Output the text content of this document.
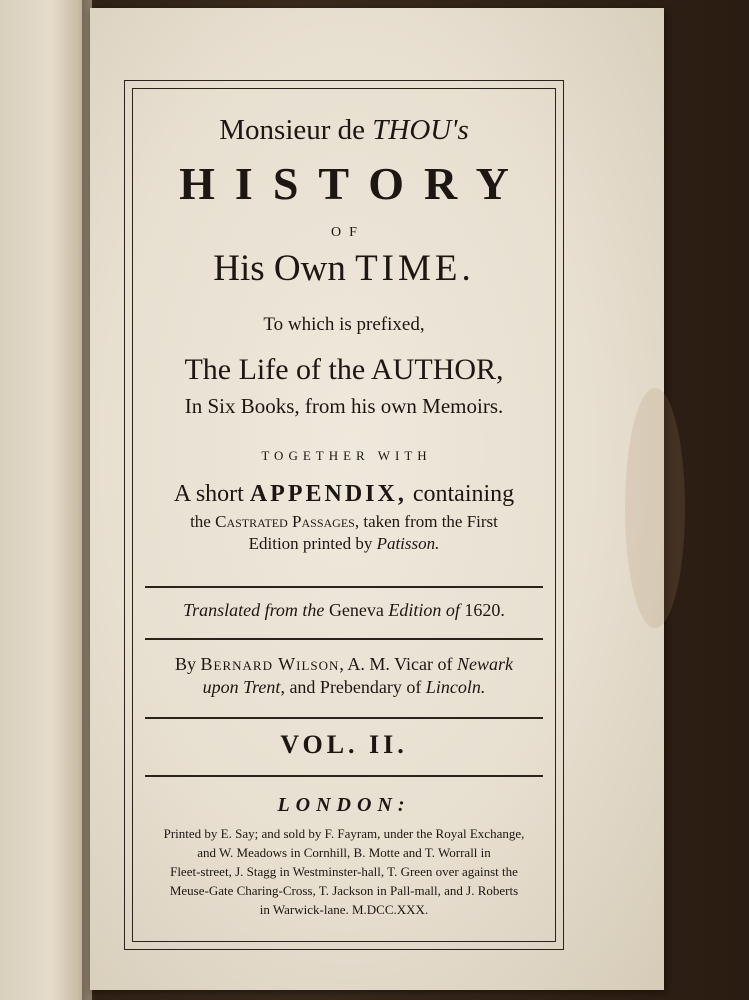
Monsieur de THOU's
HISTORY
OF
His Own TIME.
To which is prefixed,
The Life of the AUTHOR,
In Six Books, from his own Memoirs.
TOGETHER WITH
A short APPENDIX, containing
the Castrated Passages, taken from the First
Edition printed by Patisson.
Translated from the Geneva Edition of 1620.
By Bernard Wilson, A. M. Vicar of Newark
upon Trent, and Prebendary of Lincoln.
VOL. II.
LONDON:
Printed by E. Say; and sold by F. Fayram, under the Royal Exchange,
and W. Meadows in Cornhill, B. Motte and T. Worrall in
Fleet-street, J. Stagg in Westminster-hall, T. Green over against the
Meuse-Gate Charing-Cross, T. Jackson in Pall-mall, and J. Roberts
in Warwick-lane. M.DCC.XXX.
